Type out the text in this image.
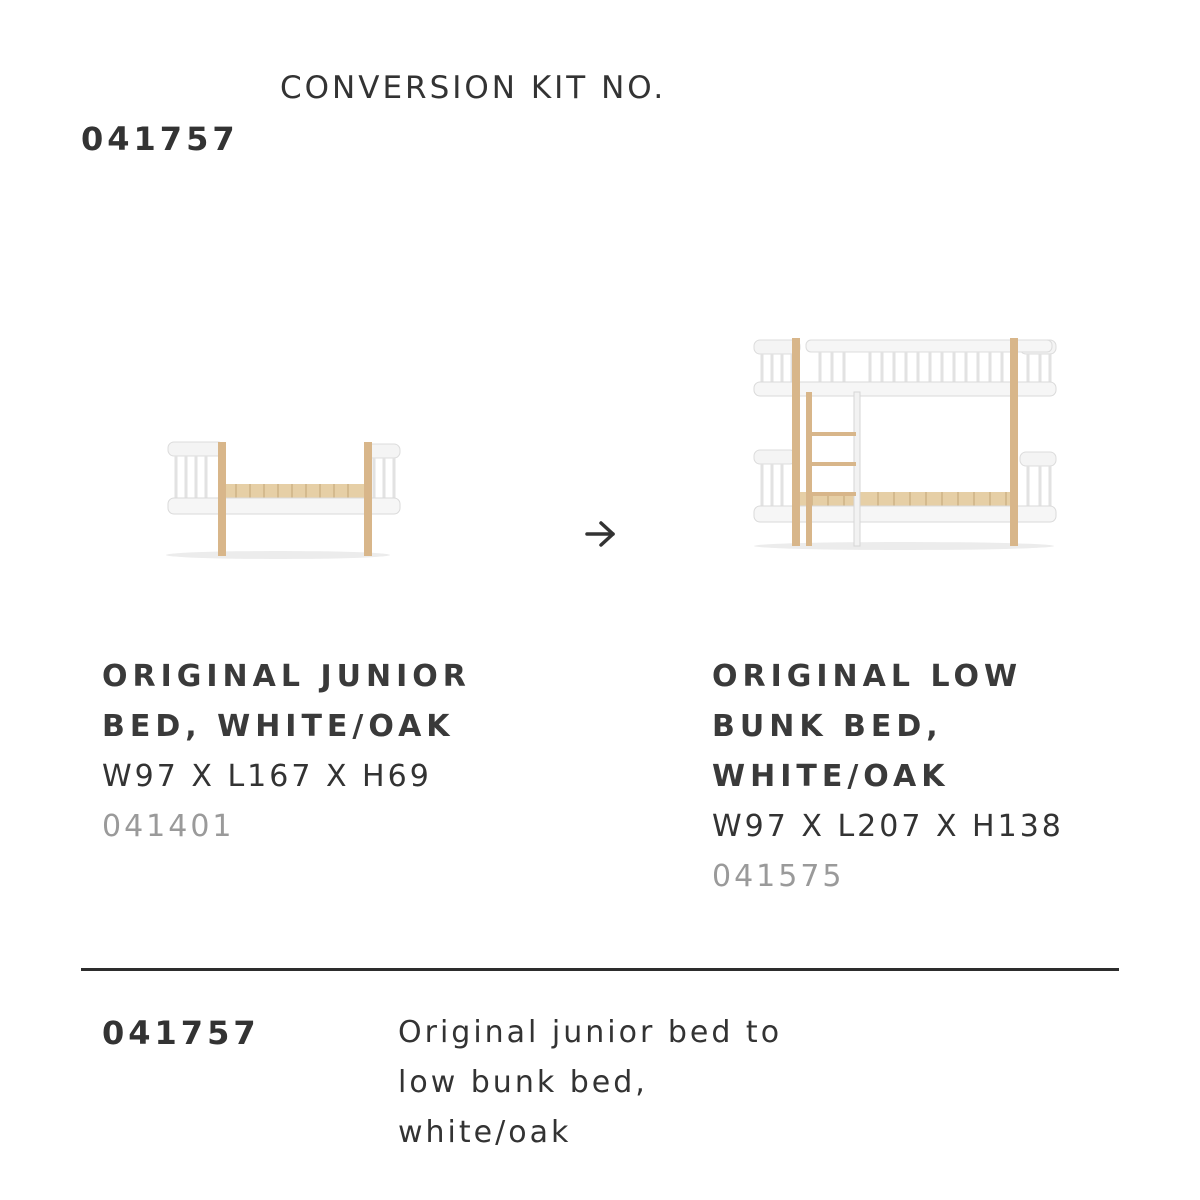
CONVERSION KIT NO.
041757
ORIGINAL JUNIOR
BED, WHITE/OAK
W97 X L167 X H69
041401
ORIGINAL LOW
BUNK BED,
WHITE/OAK
W97 X L207 X H138
041575
041757	Original junior bed to
low bunk bed,
white/oak
